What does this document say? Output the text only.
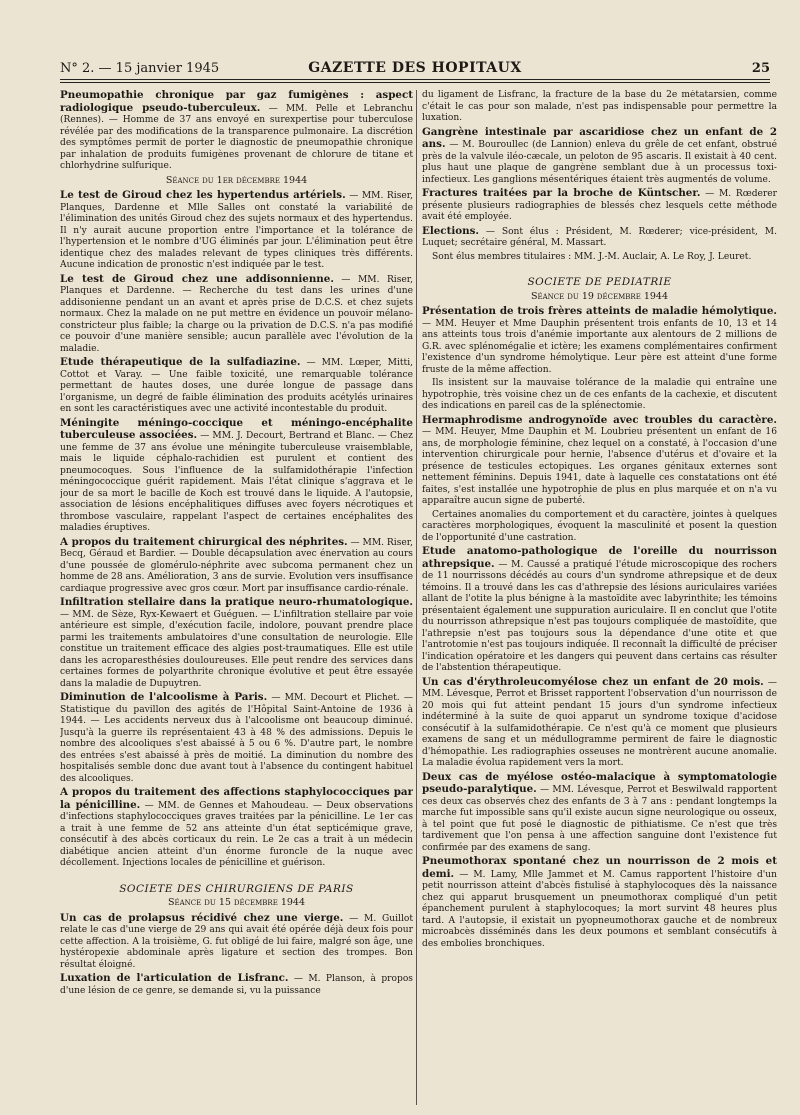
N° 2. — 15 janvier 1945	GAZETTE DES HOPITAUX	25

Pneumopathie chronique par gaz fumigènes : aspect radiologique pseudo-tuberculeux. — MM. Pelle et Lebranchu (Rennes). — Homme de 37 ans envoyé en surexpertise pour tuberculose révélée par des modifications de la transparence pulmonaire. La discrétion des symptômes permit de porter le diagnostic de pneumopathie chronique par inhalation de produits fumigènes provenant de chlorure de titane et chlorhydrine sulfurique.

Séance du 1er décembre 1944

Le test de Giroud chez les hypertendus artériels. — MM. Riser, Planques, Dardenne et Mlle Salles ont constaté la variabilité de l'élimination des unités Giroud chez des sujets normaux et des hypertendus. Il n'y aurait aucune proportion entre l'importance et la tolérance de l'hypertension et le nombre d'UG éliminés par jour. L'élimination peut être identique chez des malades relevant de types cliniques très différents. Aucune indication de pronostic n'est indiquée par le test.

Le test de Giroud chez une addisonnienne. — MM. Riser, Planques et Dardenne. — Recherche du test dans les urines d'une addisonienne pendant un an avant et après prise de D.C.S. et chez sujets normaux. Chez la malade on ne put mettre en évidence un pouvoir mélano-constricteur plus faible; la charge ou la privation de D.C.S. n'a pas modifié ce pouvoir d'une manière sensible; aucun parallèle avec l'évolution de la maladie.

Etude thérapeutique de la sulfadiazine. — MM. Lœper, Mitti, Cottot et Varay. — Une faible toxicité, une remarquable tolérance permettant de hautes doses, une durée longue de passage dans l'organisme, un degré de faible élimination des produits acétylés urinaires en sont les caractéristiques avec une activité incontestable du produit.

Méningite méningo-coccique et méningo-encéphalite tuberculeuse associées. — MM. J. Decourt, Bertrand et Blanc. — Chez une femme de 37 ans évolue une méningite tuberculeuse vraisemblable, mais le liquide céphalo-rachidien est purulent et contient des pneumocoques. Sous l'influence de la sulfamidothérapie l'infection méningococcique guérit rapidement. Mais l'état clinique s'aggrava et le jour de sa mort le bacille de Koch est trouvé dans le liquide. A l'autopsie, association de lésions encéphalitiques diffuses avec foyers nécrotiques et thrombose vasculaire, rappelant l'aspect de certaines encéphalites des maladies éruptives.

A propos du traitement chirurgical des néphrites. — MM. Riser, Becq, Géraud et Bardier. — Double décapsulation avec énervation au cours d'une poussée de glomérulo-néphrite avec subcoma permanent chez un homme de 28 ans. Amélioration, 3 ans de survie. Evolution vers insuffisance cardiaque progressive avec gros cœur. Mort par insuffisance cardio-rénale.

Infiltration stellaire dans la pratique neuro-rhumatologique. — MM. de Sèze, Ryx-Kewaert et Guéguen. — L'infiltration stellaire par voie antérieure est simple, d'exécution facile, indolore, pouvant prendre place parmi les traitements ambulatoires d'une consultation de neurologie. Elle constitue un traitement efficace des algies post-traumatiques. Elle est utile dans les acroparesthésies douloureuses. Elle peut rendre des services dans certaines formes de polyarthrite chronique évolutive et peut être essayée dans la maladie de Dupuytren.

Diminution de l'alcoolisme à Paris. — MM. Decourt et Plichet. — Statistique du pavillon des agités de l'Hôpital Saint-Antoine de 1936 à 1944. — Les accidents nerveux dus à l'alcoolisme ont beaucoup diminué. Jusqu'à la guerre ils représentaient 43 à 48 % des admissions. Depuis le nombre des alcooliques s'est abaissé à 5 ou 6 %. D'autre part, le nombre des entrées s'est abaissé à près de moitié. La diminution du nombre des hospitalisés semble donc due avant tout à l'absence du contingent habituel des alcooliques.

A propos du traitement des affections staphylococciques par la pénicilline. — MM. de Gennes et Mahoudeau. — Deux observations d'infections staphylococciques graves traitées par la pénicilline. Le 1er cas a trait à une femme de 52 ans atteinte d'un état septicémique grave, consécutif à des abcès corticaux du rein. Le 2e cas a trait à un médecin diabétique ancien atteint d'un énorme furoncle de la nuque avec décollement. Injections locales de pénicilline et guérison.

SOCIETE DES CHIRURGIENS DE PARIS
Séance du 15 décembre 1944

Un cas de prolapsus récidivé chez une vierge. — M. Guillot relate le cas d'une vierge de 29 ans qui avait été opérée déjà deux fois pour cette affection. A la troisième, G. fut obligé de lui faire, malgré son âge, une hystéropexie abdominale après ligature et section des trompes. Bon résultat éloigné.

Luxation de l'articulation de Lisfranc. — M. Planson, à propos d'une lésion de ce genre, se demande si, vu la puissance

du ligament de Lisfranc, la fracture de la base du 2e métatarsien, comme c'était le cas pour son malade, n'est pas indispensable pour permettre la luxation.

Gangrène intestinale par ascaridiose chez un enfant de 2 ans. — M. Bouroullec (de Lannion) enleva du grêle de cet enfant, obstrué près de la valvule iléo-cæcale, un peloton de 95 ascaris. Il existait à 40 cent. plus haut une plaque de gangrène semblant due à un processus toxi-infectieux. Les ganglions mésentériques étaient très augmentés de volume.

Fractures traitées par la broche de Küntscher. — M. Rœderer présente plusieurs radiographies de blessés chez lesquels cette méthode avait été employée.

Elections. — Sont élus : Président, M. Rœderer; vice-président, M. Luquet; secrétaire général, M. Massart.

Sont élus membres titulaires : MM. J.-M. Auclair, A. Le Roy, J. Leuret.

SOCIETE DE PEDIATRIE
Séance du 19 décembre 1944

Présentation de trois frères atteints de maladie hémolytique. — MM. Heuyer et Mme Dauphin présentent trois enfants de 10, 13 et 14 ans atteints tous trois d'anémie importante aux alentours de 2 millions de G.R. avec splénomégalie et ictère; les examens complémentaires confirment l'existence d'un syndrome hémolytique. Leur père est atteint d'une forme fruste de la même affection.

Ils insistent sur la mauvaise tolérance de la maladie qui entraîne une hypotrophie, très voisine chez un de ces enfants de la cachexie, et discutent des indications en pareil cas de la splénectomie.

Hermaphrodisme androgynoïde avec troubles du caractère. — MM. Heuyer, Mme Dauphin et M. Loubrieu présentent un enfant de 16 ans, de morphologie féminine, chez lequel on a constaté, à l'occasion d'une intervention chirurgicale pour hernie, l'absence d'utérus et d'ovaire et la présence de testicules ectopiques. Les organes génitaux externes sont nettement féminins. Depuis 1941, date à laquelle ces constatations ont été faites, s'est installée une hypotrophie de plus en plus marquée et on n'a vu apparaître aucun signe de puberté.

Certaines anomalies du comportement et du caractère, jointes à quelques caractères morphologiques, évoquent la masculinité et posent la question de l'opportunité d'une castration.

Etude anatomo-pathologique de l'oreille du nourrisson athrepsique. — M. Caussé a pratiqué l'étude microscopique des rochers de 11 nourrissons décédés au cours d'un syndrome athrepsique et de deux témoins. Il a trouvé dans les cas d'athrepsie des lésions auriculaires variées allant de l'otite la plus bénigne à la mastoïdite avec labyrinthite; les témoins présentaient également une suppuration auriculaire. Il en conclut que l'otite du nourrisson athrepsique n'est pas toujours compliquée de mastoïdite, que l'athrepsie n'est pas toujours sous la dépendance d'une otite et que l'antrotomie n'est pas toujours indiquée. Il reconnaît la difficulté de préciser l'indication opératoire et les dangers qui peuvent dans certains cas résulter de l'abstention thérapeutique.

Un cas d'érythroleucomyélose chez un enfant de 20 mois. — MM. Lévesque, Perrot et Brisset rapportent l'observation d'un nourrisson de 20 mois qui fut atteint pendant 15 jours d'un syndrome infectieux indéterminé à la suite de quoi apparut un syndrome toxique d'acidose consécutif à la sulfamidothérapie. Ce n'est qu'à ce moment que plusieurs examens de sang et un médullogramme permirent de faire le diagnostic d'hémopathie. Les radiographies osseuses ne montrèrent aucune anomalie. La maladie évolua rapidement vers la mort.

Deux cas de myélose ostéo-malacique à symptomatologie pseudo-paralytique. — MM. Lévesque, Perrot et Beswilwald rapportent ces deux cas observés chez des enfants de 3 à 7 ans : pendant longtemps la marche fut impossible sans qu'il existe aucun signe neurologique ou osseux, à tel point que fut posé le diagnostic de pithiatisme. Ce n'est que très tardivement que l'on pensa à une affection sanguine dont l'existence fut confirmée par des examens de sang.

Pneumothorax spontané chez un nourrisson de 2 mois et demi. — M. Lamy, Mlle Jammet et M. Camus rapportent l'histoire d'un petit nourrisson atteint d'abcès fistulisé à staphylocoques dès la naissance chez qui apparut brusquement un pneumothorax compliqué d'un petit épanchement purulent à staphylocoques; la mort survint 48 heures plus tard. A l'autopsie, il existait un pyopneumothorax gauche et de nombreux microabcès disséminés dans les deux poumons et semblant consécutifs à des embolies bronchiques.
